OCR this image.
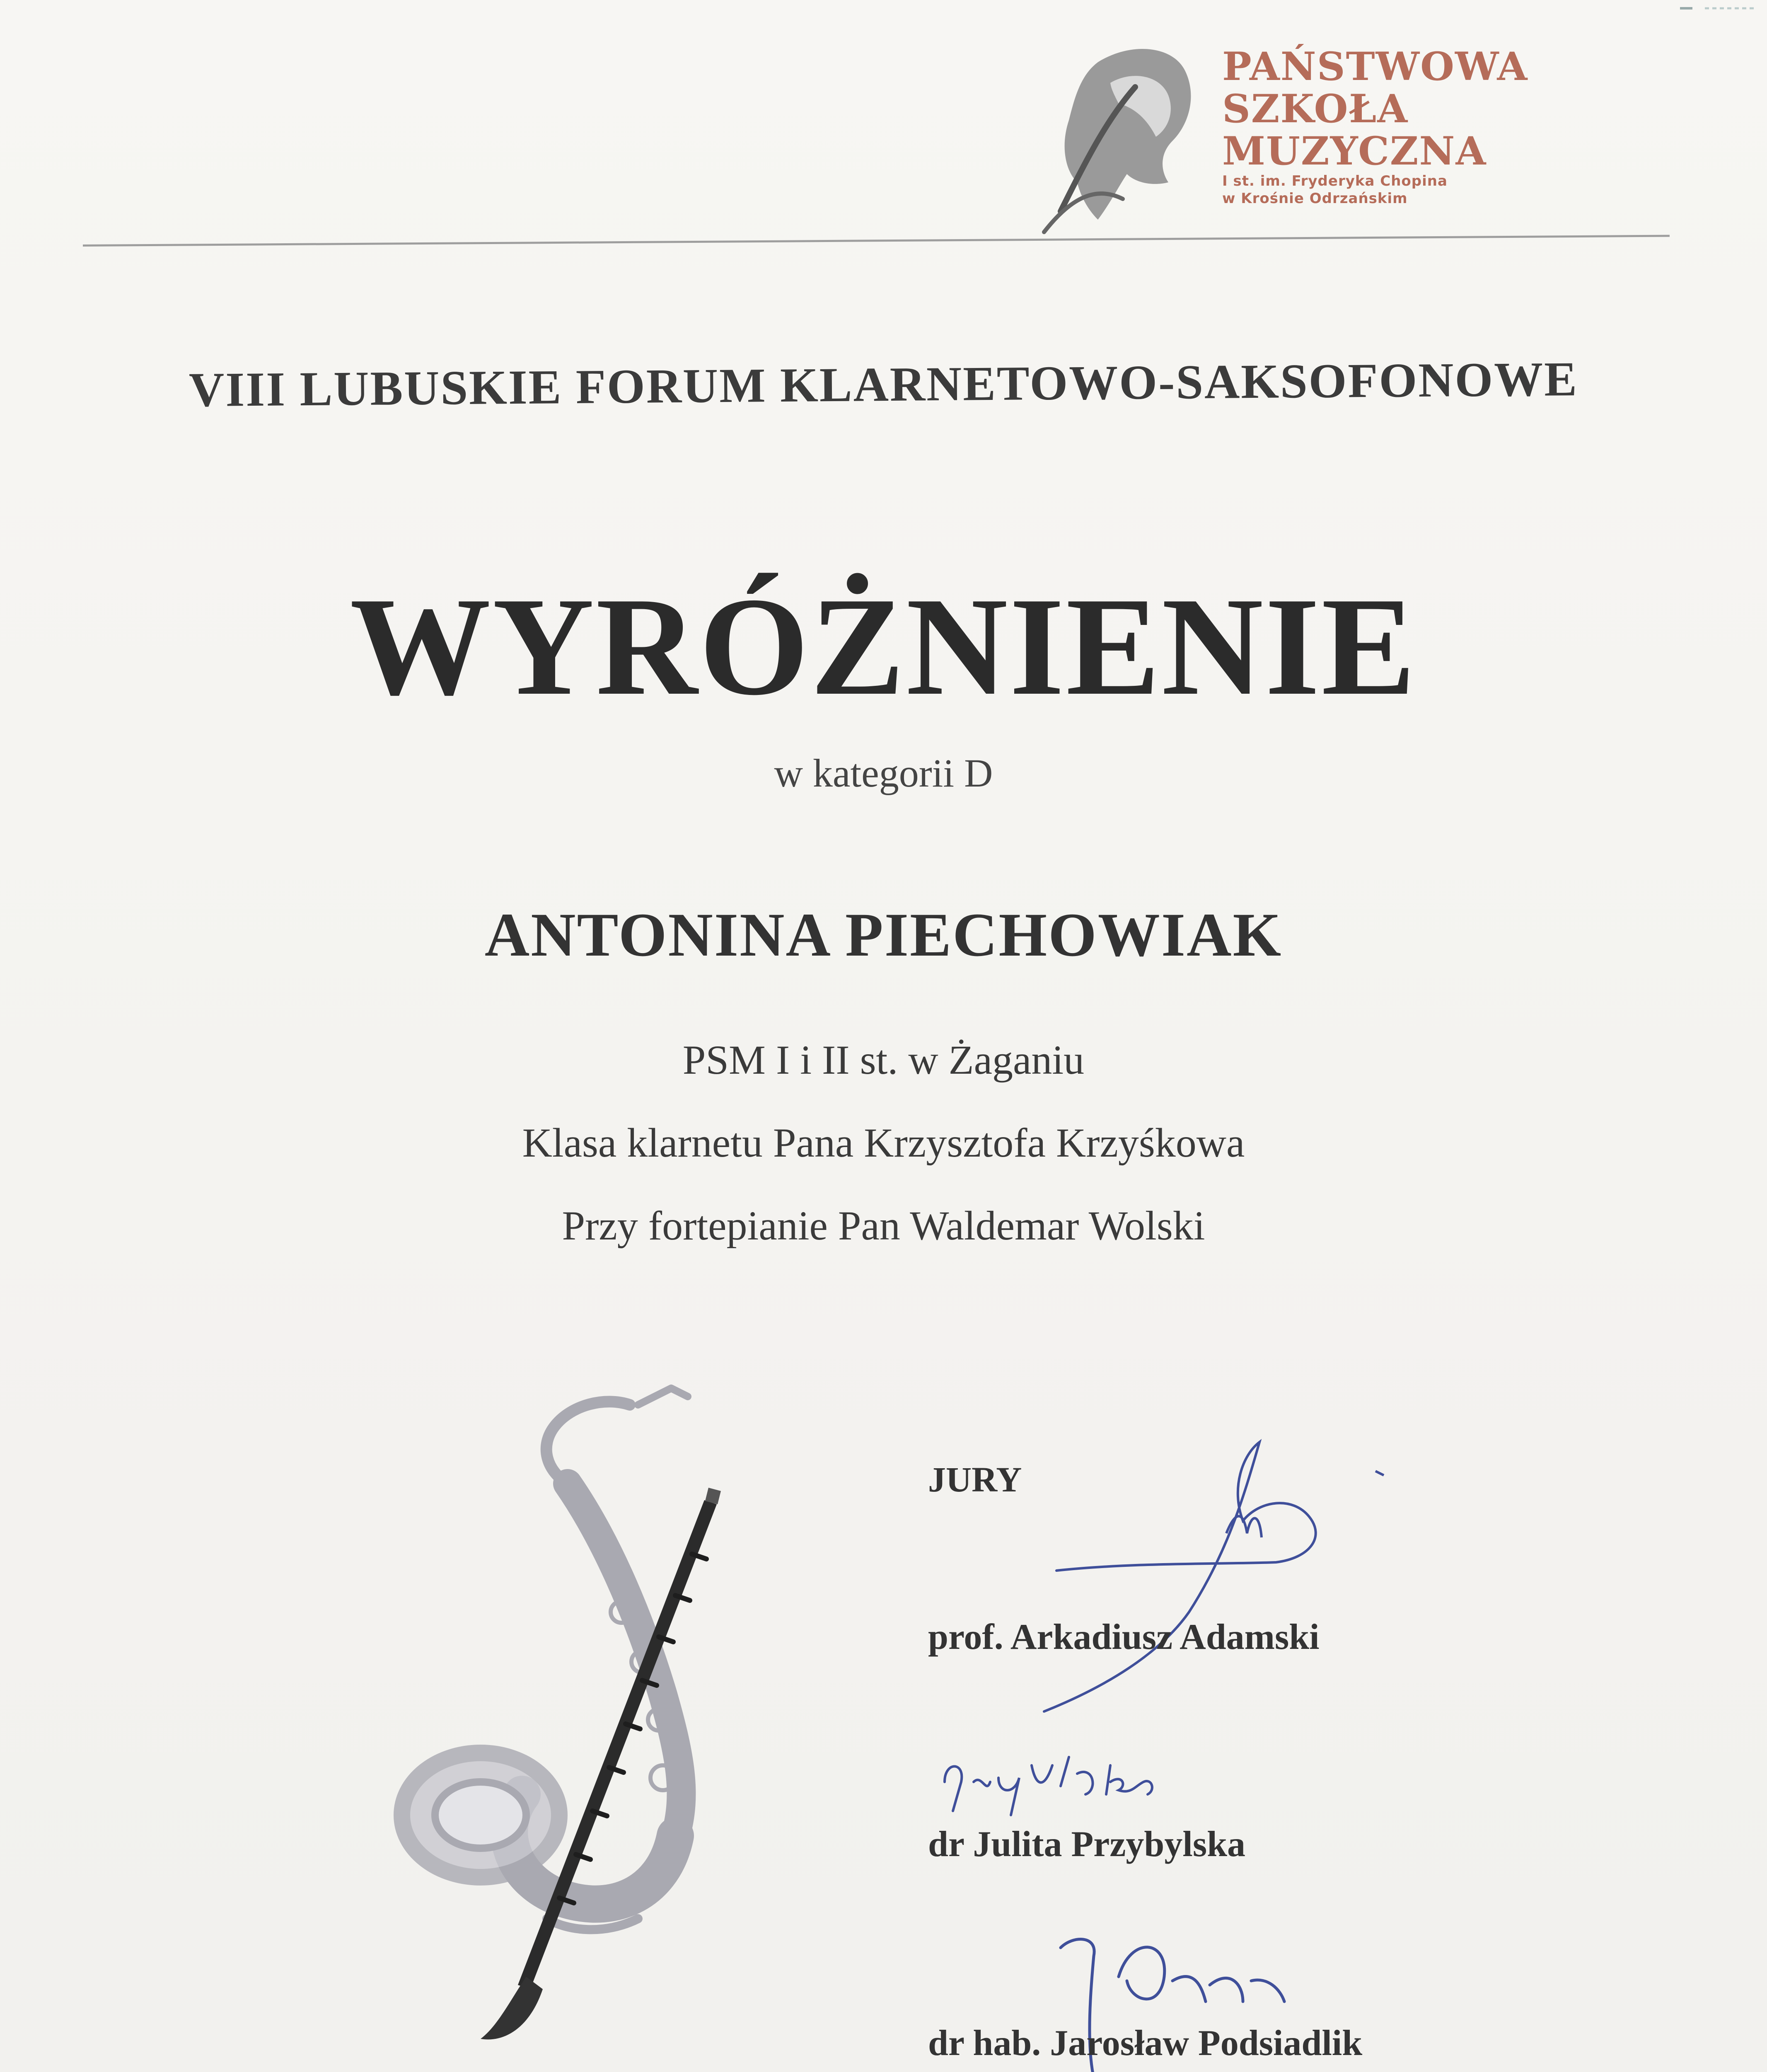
PAŃSTWOWA
SZKOŁA
MUZYCZNA
I st. im. Fryderyka Chopina
w Krośnie Odrzańskim
VIII LUBUSKIE FORUM KLARNETOWO-SAKSOFONOWE
WYRÓŻNIENIE
w kategorii D
ANTONINA PIECHOWIAK
PSM I i II st. w Żaganiu
Klasa klarnetu Pana Krzysztofa Krzyśkowa
Przy fortepianie Pan Waldemar Wolski
JURY
prof. Arkadiusz Adamski
dr Julita Przybylska
dr hab. Jarosław Podsiadlik
